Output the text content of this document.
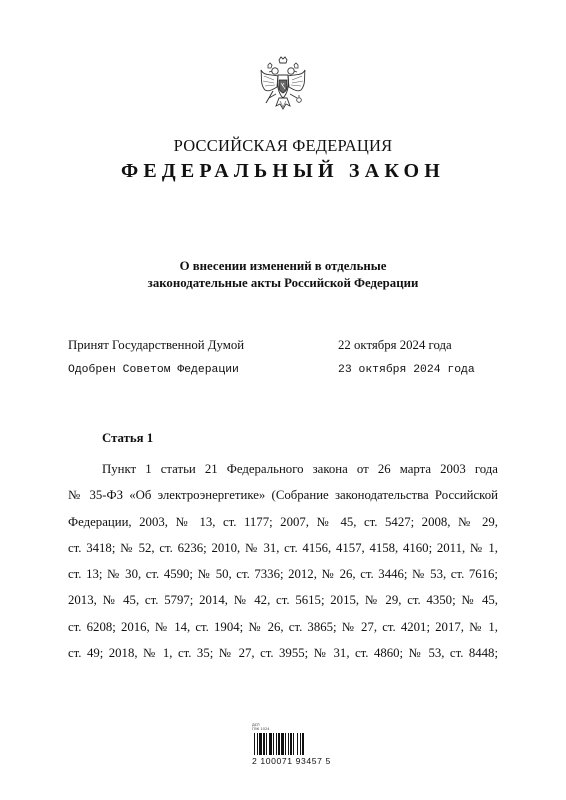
РОССИЙСКАЯ ФЕДЕРАЦИЯ
ФЕДЕРАЛЬНЫЙ ЗАКОН
О внесении изменений в отдельные
законодательные акты Российской Федерации
Принят Государственной Думой	22 октября 2024 года
Одобрен Советом Федерации	23 октября 2024 года
Статья 1
Пункт 1 статьи 21 Федерального закона от 26 марта 2003 года
№ 35-ФЗ «Об электроэнергетике» (Собрание законодательства Российской
Федерации, 2003, № 13, ст. 1177; 2007, № 45, ст. 5427; 2008, № 29,
ст. 3418; № 52, ст. 6236; 2010, № 31, ст. 4156, 4157, 4158, 4160; 2011, № 1,
ст. 13; № 30, ст. 4590; № 50, ст. 7336; 2012, № 26, ст. 3446; № 53, ст. 7616;
2013, № 45, ст. 5797; 2014, № 42, ст. 5615; 2015, № 29, ст. 4350; № 45,
ст. 6208; 2016, № 14, ст. 1904; № 26, ст. 3865; № 27, ст. 4201; 2017, № 1,
ст. 49; 2018, № 1, ст. 35; № 27, ст. 3955; № 31, ст. 4860; № 53, ст. 8448;
дсп
ГВК 1024
2 100071 93457 5
